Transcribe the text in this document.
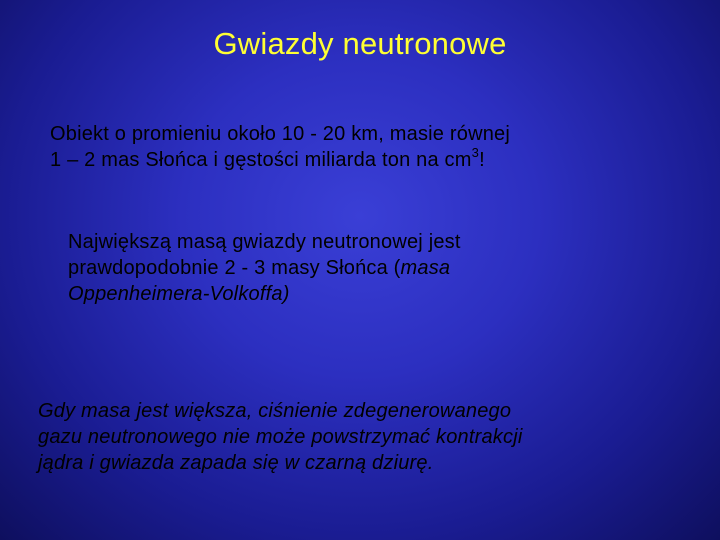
Gwiazdy neutronowe
Obiekt o promieniu około 10 - 20 km, masie równej
1 – 2 mas Słońca i gęstości miliarda ton na $cm^3$!
Największą masą gwiazdy neutronowej jest
prawdopodobnie 2 - 3 masy Słońca (masa
Oppenheimera-Volkoffa)
Gdy masa jest większa, ciśnienie zdegenerowanego
gazu neutronowego nie może powstrzymać kontrakcji
jądra i gwiazda zapada się w czarną dziurę.
